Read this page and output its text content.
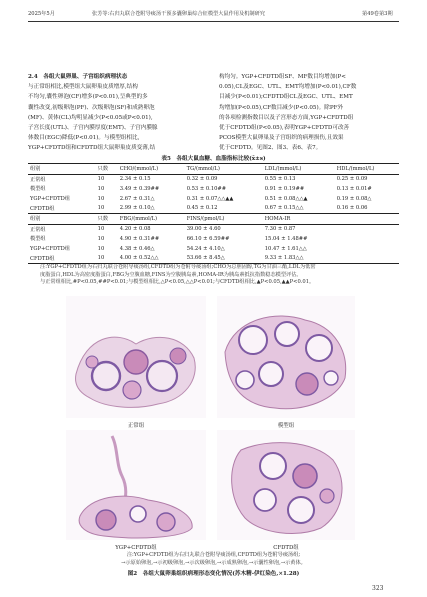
2025年5月	张芳等:右归丸联合苍附导痰汤干预多囊卵巢综合征模型大鼠作用及机制研究	第49卷第3期
2.4　各组大鼠卵巢、子宫组织病理状态
与正常组相比,模型组大鼠卵巢皮质增厚,结构
不均匀,囊性卵泡(CF)增多(P<0.01),呈典型的多
囊性改变,初级卵泡(PF)、次级卵泡(SF)和成熟卵泡
(MF)、黄体(CL)均明显减少(P<0.05或P<0.01),
子宫长度(UTL)、子宫内膜厚度(EMT)、子宫内膜腺
体数目(EGC)降低(P<0.01)。与模型组相比,
YGP+CFDTD组和CFDTD组大鼠卵巢皮质变薄,结
构均匀。YGP+CFDTD组SF、MF数目均增加(P<
0.05),CL及EGC、UTL、EMT均增加(P<0.01),CF数
目减少(P<0.01);CFDTD组CL及EGC、UTL、EMT
均增加(P<0.05),CF数目减少(P<0.05)。除PF外
的各项检测指数目以及子宫形态方面,YGP+CFDTD组
优于CFDTD组(P<0.05),表明YGP+CFDTD可改善
PCOS模型大鼠卵巢及子宫组织的病理损伤,且效果
优于CFDTD。见图2、图3、表6、表7。
表5　各组大鼠血糖、血脂指标比较(x̄±s)
组别	只数	CHO/(mmol/L)	TG/(mmol/L)	LDL/(mmol/L)	HDL/(mmol/L)
正常组	10	2.34 ± 0.15	0.32 ± 0.09	0.55 ± 0.13	0.25 ± 0.09
模型组	10	3.49 ± 0.39##	0.53 ± 0.10##	0.91 ± 0.19##	0.13 ± 0.01#
YGP+CFDTD组	10	2.67 ± 0.31△	0.31 ± 0.07△△▲▲	0.51 ± 0.08△△▲	0.19 ± 0.08△
CFDTD组	10	2.99 ± 0.10△	0.45 ± 0.12	0.67 ± 0.15△△	0.16 ± 0.06
组别	只数	FBG/(mmol/L)	FINS/(pmol/L)	HOMA-IR	
正常组	10	4.20 ± 0.08	39.00 ± 4.60	7.30 ± 0.87	
模型组	10	4.90 ± 0.31##	66.10 ± 6.59##	15.04 ± 1.48##	
YGP+CFDTD组	10	4.38 ± 0.46△	54.24 ± 4.10△	10.47 ± 1.61△△	
CFDTD组	10	4.00 ± 0.52△△	53.66 ± 8.45△	9.33 ± 1.83△△	
注:YGP+CFDTD组为右归丸联合苍附导痰汤组,CFDTD组为苍附导痰汤组;CHO为总胆固醇,TG为甘油三酯,LDL为低密
度脂蛋白,HDL为高密度脂蛋白,FBG为空腹血糖,FINS为空腹胰岛素,HOMA-IR为胰岛素抵抗指数稳态模型评估。
与正常组相比,#P<0.05,##P<0.01;与模型组相比,△P<0.05,△△P<0.01;与CFDTD组相比,▲P<0.05,▲▲P<0.01。
正常组	模型组
YGP+CFDTD组	CFDTD组
注:YGP+CFDTD组为右归丸联合苍附导痰汤组,CFDTD组为苍附导痰汤组;
→示原始卵泡,→示初级卵泡,→示次级卵泡,→示成熟卵泡,→示囊性卵泡,→示黄体。
图2　各组大鼠卵巢组织病理形态变化情况(苏木精-伊红染色,×1.28)
323
